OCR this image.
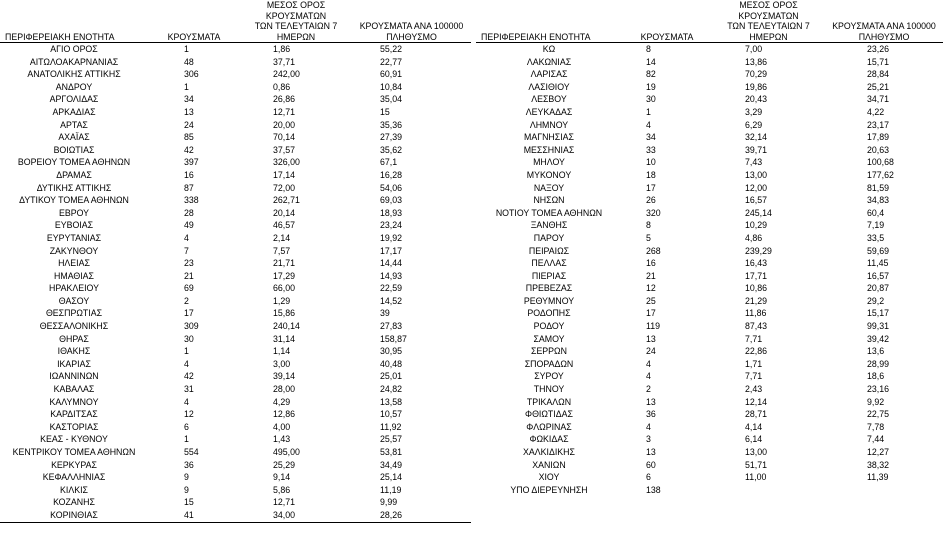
ΠΕΡΙΦΕΡΕΙΑΚΗ ΕΝΟΤΗΤΑ	ΚΡΟΥΣΜΑΤΑ	ΜΕΣΟΣ ΟΡΟΣ ΚΡΟΥΣΜΑΤΩΝ
ΤΩΝ ΤΕΛΕΥΤΑΙΩΝ 7
ΗΜΕΡΩΝ	ΚΡΟΥΣΜΑΤΑ ΑΝΑ 100000
ΠΛΗΘΥΣΜΟ
ΑΓΙΟ ΟΡΟΣ	1	1,86	55,22
ΑΙΤΩΛΟΑΚΑΡΝΑΝΙΑΣ	48	37,71	22,77
ΑΝΑΤΟΛΙΚΗΣ ΑΤΤΙΚΗΣ	306	242,00	60,91
ΑΝΔΡΟΥ	1	0,86	10,84
ΑΡΓΟΛΙΔΑΣ	34	26,86	35,04
ΑΡΚΑΔΙΑΣ	13	12,71	15
ΑΡΤΑΣ	24	20,00	35,36
ΑΧΑΪΑΣ	85	70,14	27,39
ΒΟΙΩΤΙΑΣ	42	37,57	35,62
ΒΟΡΕΙΟΥ ΤΟΜΕΑ ΑΘΗΝΩΝ	397	326,00	67,1
ΔΡΑΜΑΣ	16	17,14	16,28
ΔΥΤΙΚΗΣ ΑΤΤΙΚΗΣ	87	72,00	54,06
ΔΥΤΙΚΟΥ ΤΟΜΕΑ ΑΘΗΝΩΝ	338	262,71	69,03
ΕΒΡΟΥ	28	20,14	18,93
ΕΥΒΟΙΑΣ	49	46,57	23,24
ΕΥΡΥΤΑΝΙΑΣ	4	2,14	19,92
ΖΑΚΥΝΘΟΥ	7	7,57	17,17
ΗΛΕΙΑΣ	23	21,71	14,44
ΗΜΑΘΙΑΣ	21	17,29	14,93
ΗΡΑΚΛΕΙΟΥ	69	66,00	22,59
ΘΑΣΟΥ	2	1,29	14,52
ΘΕΣΠΡΩΤΙΑΣ	17	15,86	39
ΘΕΣΣΑΛΟΝΙΚΗΣ	309	240,14	27,83
ΘΗΡΑΣ	30	31,14	158,87
ΙΘΑΚΗΣ	1	1,14	30,95
ΙΚΑΡΙΑΣ	4	3,00	40,48
ΙΩΑΝΝΙΝΩΝ	42	39,14	25,01
ΚΑΒΑΛΑΣ	31	28,00	24,82
ΚΑΛΥΜΝΟΥ	4	4,29	13,58
ΚΑΡΔΙΤΣΑΣ	12	12,86	10,57
ΚΑΣΤΟΡΙΑΣ	6	4,00	11,92
ΚΕΑΣ - ΚΥΘΝΟΥ	1	1,43	25,57
ΚΕΝΤΡΙΚΟΥ ΤΟΜΕΑ ΑΘΗΝΩΝ	554	495,00	53,81
ΚΕΡΚΥΡΑΣ	36	25,29	34,49
ΚΕΦΑΛΛΗΝΙΑΣ	9	9,14	25,14
ΚΙΛΚΙΣ	9	5,86	11,19
ΚΟΖΑΝΗΣ	15	12,71	9,99
ΚΟΡΙΝΘΙΑΣ	41	34,00	28,26
ΠΕΡΙΦΕΡΕΙΑΚΗ ΕΝΟΤΗΤΑ	ΚΡΟΥΣΜΑΤΑ	ΜΕΣΟΣ ΟΡΟΣ ΚΡΟΥΣΜΑΤΩΝ
ΤΩΝ ΤΕΛΕΥΤΑΙΩΝ 7
ΗΜΕΡΩΝ	ΚΡΟΥΣΜΑΤΑ ΑΝΑ 100000
ΠΛΗΘΥΣΜΟ
ΚΩ	8	7,00	23,26
ΛΑΚΩΝΙΑΣ	14	13,86	15,71
ΛΑΡΙΣΑΣ	82	70,29	28,84
ΛΑΣΙΘΙΟΥ	19	19,86	25,21
ΛΕΣΒΟΥ	30	20,43	34,71
ΛΕΥΚΑΔΑΣ	1	3,29	4,22
ΛΗΜΝΟΥ	4	6,29	23,17
ΜΑΓΝΗΣΙΑΣ	34	32,14	17,89
ΜΕΣΣΗΝΙΑΣ	33	39,71	20,63
ΜΗΛΟΥ	10	7,43	100,68
ΜΥΚΟΝΟΥ	18	13,00	177,62
ΝΑΞΟΥ	17	12,00	81,59
ΝΗΣΩΝ	26	16,57	34,83
ΝΟΤΙΟΥ ΤΟΜΕΑ ΑΘΗΝΩΝ	320	245,14	60,4
ΞΑΝΘΗΣ	8	10,29	7,19
ΠΑΡΟΥ	5	4,86	33,5
ΠΕΙΡΑΙΩΣ	268	239,29	59,69
ΠΕΛΛΑΣ	16	16,43	11,45
ΠΙΕΡΙΑΣ	21	17,71	16,57
ΠΡΕΒΕΖΑΣ	12	10,86	20,87
ΡΕΘΥΜΝΟΥ	25	21,29	29,2
ΡΟΔΟΠΗΣ	17	11,86	15,17
ΡΟΔΟΥ	119	87,43	99,31
ΣΑΜΟΥ	13	7,71	39,42
ΣΕΡΡΩΝ	24	22,86	13,6
ΣΠΟΡΑΔΩΝ	4	1,71	28,99
ΣΥΡΟΥ	4	7,71	18,6
ΤΗΝΟΥ	2	2,43	23,16
ΤΡΙΚΑΛΩΝ	13	12,14	9,92
ΦΘΙΩΤΙΔΑΣ	36	28,71	22,75
ΦΛΩΡΙΝΑΣ	4	4,14	7,78
ΦΩΚΙΔΑΣ	3	6,14	7,44
ΧΑΛΚΙΔΙΚΗΣ	13	13,00	12,27
ΧΑΝΙΩΝ	60	51,71	38,32
ΧΙΟΥ	6	11,00	11,39
ΥΠΟ ΔΙΕΡΕΥΝΗΣΗ	138		
